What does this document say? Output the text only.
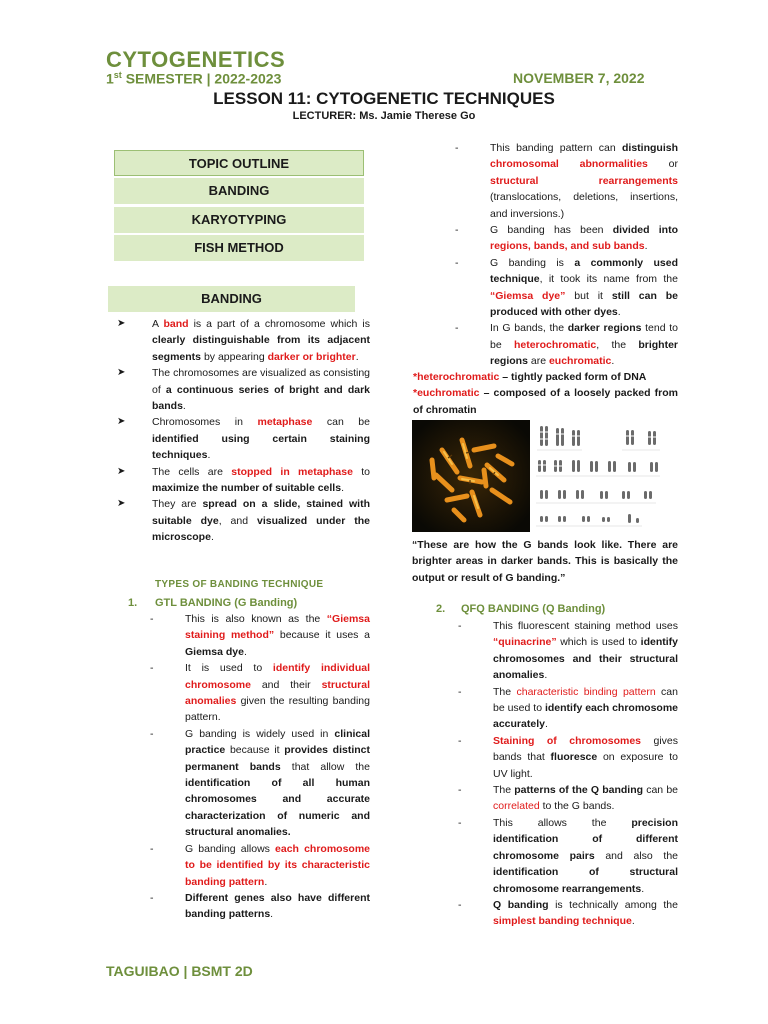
CYTOGENETICS
1st SEMESTER | 2022-2023	NOVEMBER 7, 2022
LESSON 11: CYTOGENETIC TECHNIQUES
LECTURER: Ms. Jamie Therese Go
TOPIC OUTLINE
BANDING
KARYOTYPING
FISH METHOD
BANDING
➤	A band is a part of a chromosome which is clearly distinguishable from its adjacent segments by appearing darker or brighter.
➤	The chromosomes are visualized as consisting of a continuous series of bright and dark bands.
➤	Chromosomes in metaphase can be identified using certain staining techniques.
➤	The cells are stopped in metaphase to maximize the number of suitable cells.
➤	They are spread on a slide, stained with suitable dye, and visualized under the microscope.
TYPES OF BANDING TECHNIQUE
1. GTL BANDING (G Banding)
-	This is also known as the “Giemsa staining method” because it uses a Giemsa dye.
-	It is used to identify individual chromosome and their structural anomalies given the resulting banding pattern.
-	G banding is widely used in clinical practice because it provides distinct permanent bands that allow the identification of all human chromosomes and accurate characterization of numeric and structural anomalies.
-	G banding allows each chromosome to be identified by its characteristic banding pattern.
-	Different genes also have different banding patterns.
-	This banding pattern can distinguish chromosomal abnormalities or structural rearrangements (translocations, deletions, insertions, and inversions.)
-	G banding has been divided into regions, bands, and sub bands.
-	G banding is a commonly used technique, it took its name from the “Giemsa dye” but it still can be produced with other dyes.
-	In G bands, the darker regions tend to be heterochromatic, the brighter regions are euchromatic.
*heterochromatic – tightly packed form of DNA
*euchromatic – composed of a loosely packed from of chromatin
“These are how the G bands look like. There are brighter areas in darker bands. This is basically the output or result of G banding.”
2. QFQ BANDING (Q Banding)
-	This fluorescent staining method uses “quinacrine” which is used to identify chromosomes and their structural anomalies.
-	The characteristic binding pattern can be used to identify each chromosome accurately.
-	Staining of chromosomes gives bands that fluoresce on exposure to UV light.
-	The patterns of the Q banding can be correlated to the G bands.
-	This allows the precision identification of different chromosome pairs and also the identification of structural chromosome rearrangements.
-	Q banding is technically among the simplest banding technique.
TAGUIBAO | BSMT 2D
